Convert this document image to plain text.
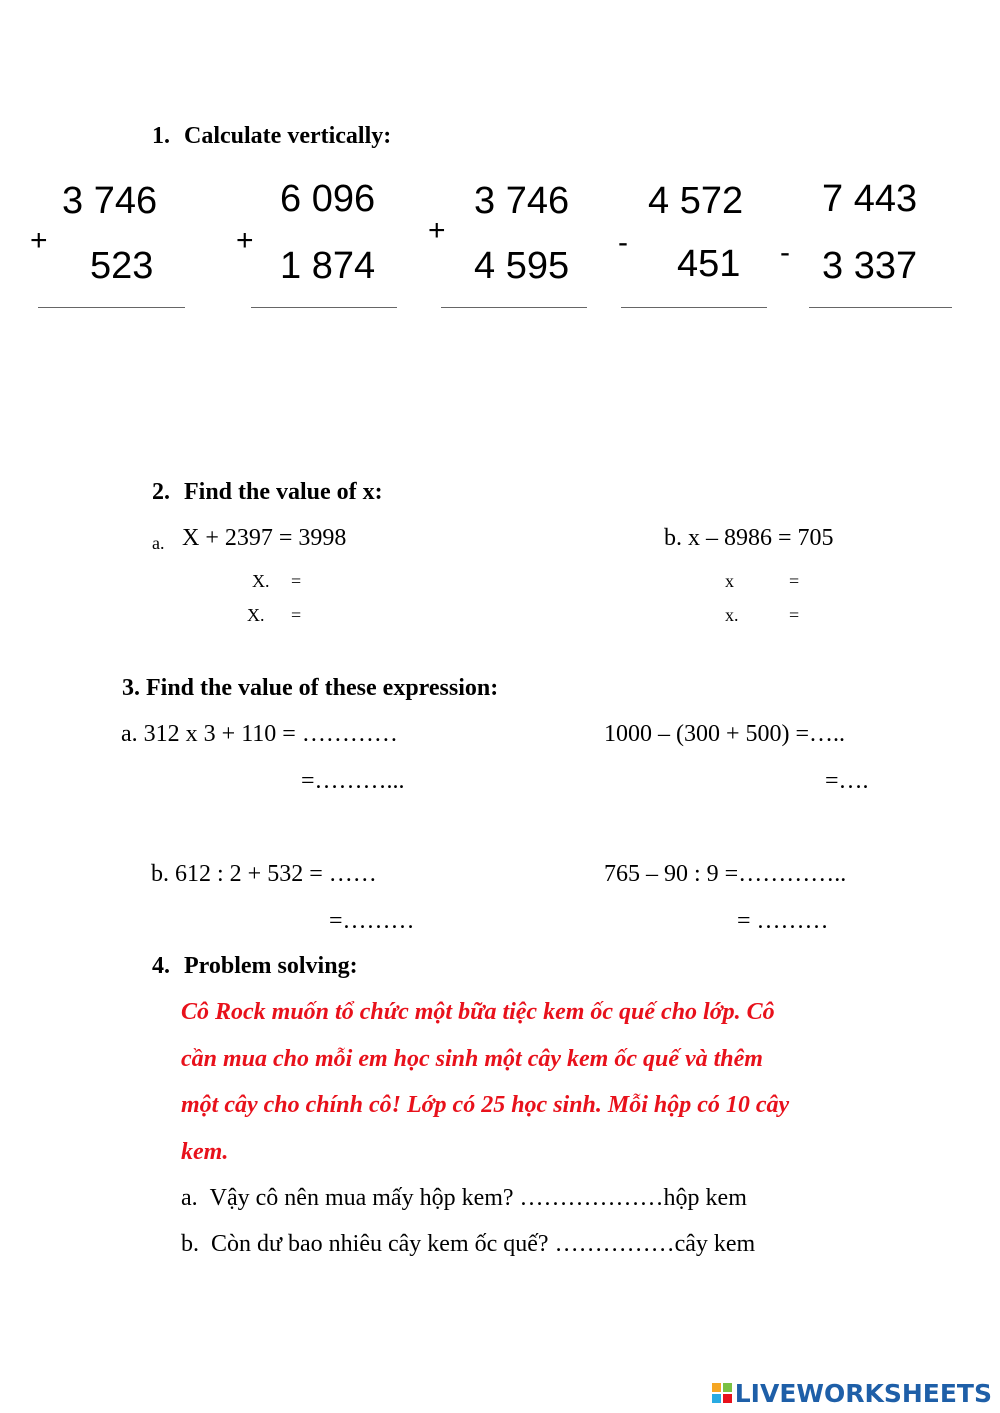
1. Calculate vertically:
3 746
+
523
6 096
+
1 874
3 746
+
4 595
4 572
-
451
7 443
- 3 337
2. Find the value of x:
a. X + 2397 = 3998
X. =
X. =
b. x – 8986 = 705
x	=
x.	=
3. Find the value of these expression:
a. 312 x 3 + 110 = …………
=………...
1000 – (300 + 500) =…..
=….
b. 612 : 2 + 532 = ……
=………
765 – 90 : 9 =…………..
= ………
4. Problem solving:
Cô Rock muốn tổ chức một bữa tiệc kem ốc quế cho lớp. Cô
cần mua cho mỗi em học sinh một cây kem ốc quế và thêm
một cây cho chính cô! Lớp có 25 học sinh. Mỗi hộp có 10 cây
kem.
a. Vậy cô nên mua mấy hộp kem? ………………hộp kem
b. Còn dư bao nhiêu cây kem ốc quế? ……………cây kem
LIVEWORKSHEETS
